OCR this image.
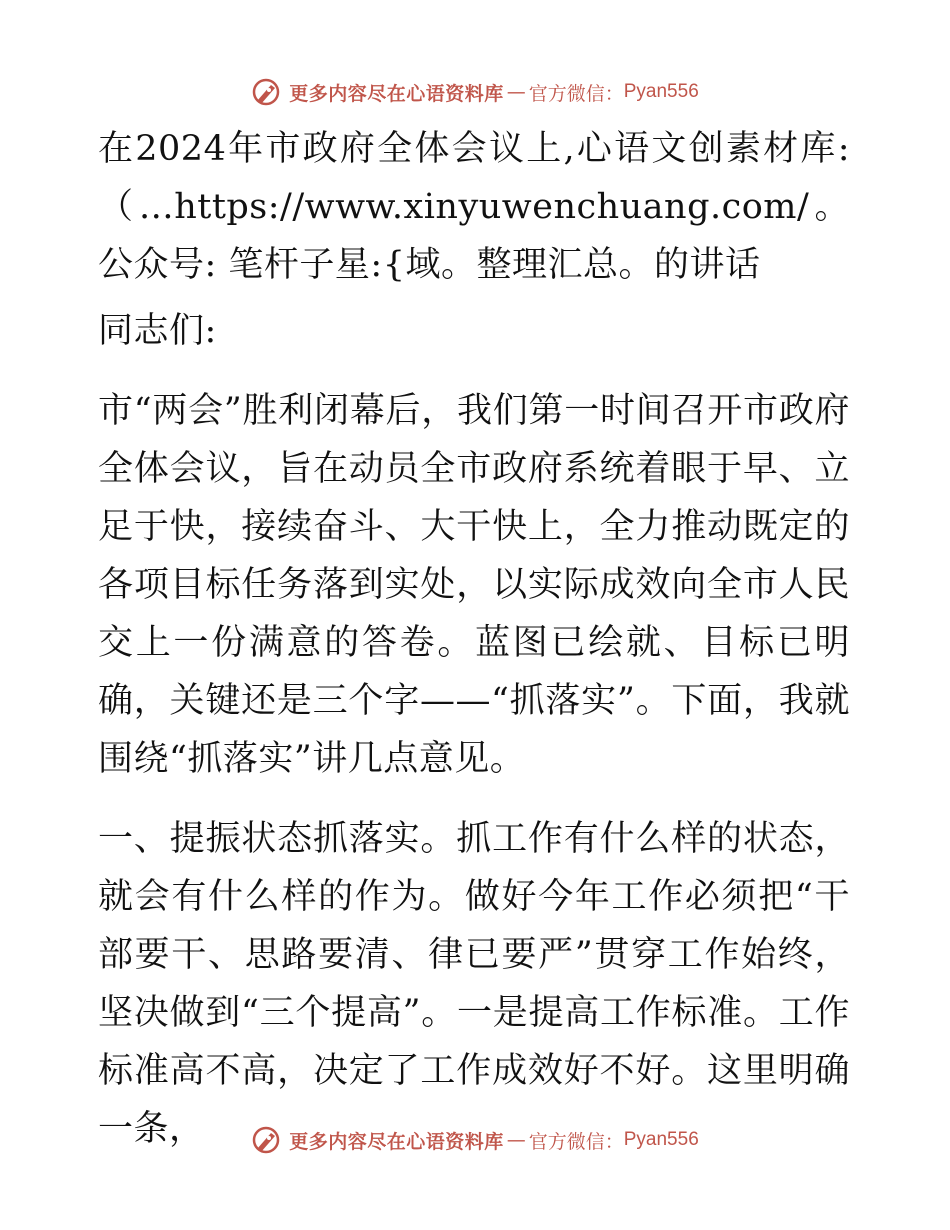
更多内容尽在心语资料库 — 官方微信： Pyan556

在2024年市政府全体会议上,心语文创素材库:（…https://www.xinyuwenchuang.com/。公众号: 笔杆子星:{域。整理汇总。的讲话

同志们:

市“两会”胜利闭幕后，我们第一时间召开市政府全体会议，旨在动员全市政府系统着眼于早、立足于快，接续奋斗、大干快上，全力推动既定的各项目标任务落到实处，以实际成效向全市人民交上一份满意的答卷。蓝图已绘就、目标已明确，关键还是三个字——“抓落实”。下面，我就围绕“抓落实”讲几点意见。

一、提振状态抓落实。抓工作有什么样的状态，就会有什么样的作为。做好今年工作必须把“干部要干、思路要清、律已要严”贯穿工作始终，坚决做到“三个提高”。一是提高工作标准。工作标准高不高，决定了工作成效好不好。这里明确一条，	更多内容尽在心语资料库 — 官方微信： Pyan556
